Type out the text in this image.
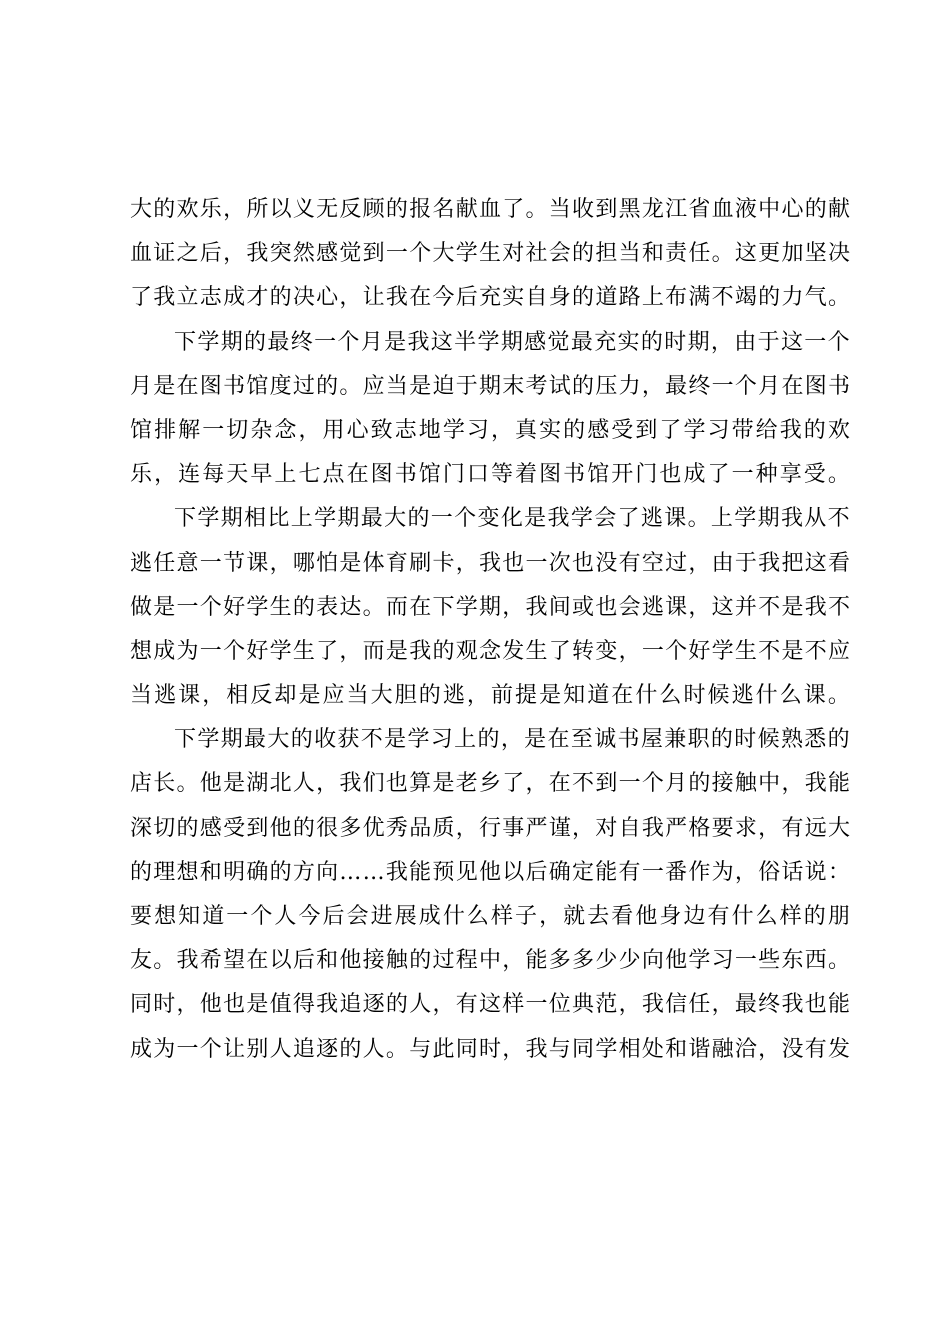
大 的 欢 乐 ， 所 以 义 无 反 顾 的 报 名 献 血 了 。 当 收 到 黑 龙 江 省 血 液 中 心 的 献
血 证 之 后 ， 我 突 然 感 觉 到 一 个 大 学 生 对 社 会 的 担 当 和 责 任 。 这 更 加 坚 决
了 我 立 志 成 才 的 决 心 ， 让 我 在 今 后 充 实 自 身 的 道 路 上 布 满 不 竭 的 力 气 。
下 学 期 的 最 终 一 个 月 是 我 这 半 学 期 感 觉 最 充 实 的 时 期 ， 由 于 这 一 个
月 是 在 图 书 馆 度 过 的 。 应 当 是 迫 于 期 末 考 试 的 压 力 ， 最 终 一 个 月 在 图 书
馆 排 解 一 切 杂 念 ， 用 心 致 志 地 学 习 ， 真 实 的 感 受 到 了 学 习 带 给 我 的 欢
乐 ， 连 每 天 早 上 七 点 在 图 书 馆 门 口 等 着 图 书 馆 开 门 也 成 了 一 种 享 受 。
下 学 期 相 比 上 学 期 最 大 的 一 个 变 化 是 我 学 会 了 逃 课 。 上 学 期 我 从 不
逃 任 意 一 节 课 ， 哪 怕 是 体 育 刷 卡 ， 我 也 一 次 也 没 有 空 过 ， 由 于 我 把 这 看
做 是 一 个 好 学 生 的 表 达 。 而 在 下 学 期 ， 我 间 或 也 会 逃 课 ， 这 并 不 是 我 不
想 成 为 一 个 好 学 生 了 ， 而 是 我 的 观 念 发 生 了 转 变 ， 一 个 好 学 生 不 是 不 应
当 逃 课 ， 相 反 却 是 应 当 大 胆 的 逃 ， 前 提 是 知 道 在 什 么 时 候 逃 什 么 课 。
下 学 期 最 大 的 收 获 不 是 学 习 上 的 ， 是 在 至 诚 书 屋 兼 职 的 时 候 熟 悉 的
店 长 。 他 是 湖 北 人 ， 我 们 也 算 是 老 乡 了 ， 在 不 到 一 个 月 的 接 触 中 ， 我 能
深 切 的 感 受 到 他 的 很 多 优 秀 品 质 ， 行 事 严 谨 ， 对 自 我 严 格 要 求 ， 有 远 大
的 理 想 和 明 确 的 方 向 … … 我 能 预 见 他 以 后 确 定 能 有 一 番 作 为 ， 俗 话 说 ：
要 想 知 道 一 个 人 今 后 会 进 展 成 什 么 样 子 ， 就 去 看 他 身 边 有 什 么 样 的 朋
友 。 我 希 望 在 以 后 和 他 接 触 的 过 程 中 ， 能 多 多 少 少 向 他 学 习 一 些 东 西 。
同 时 ， 他 也 是 值 得 我 追 逐 的 人 ， 有 这 样 一 位 典 范 ， 我 信 任 ， 最 终 我 也 能
成 为 一 个 让 别 人 追 逐 的 人 。 与 此 同 时 ， 我 与 同 学 相 处 和 谐 融 洽 ， 没 有 发
